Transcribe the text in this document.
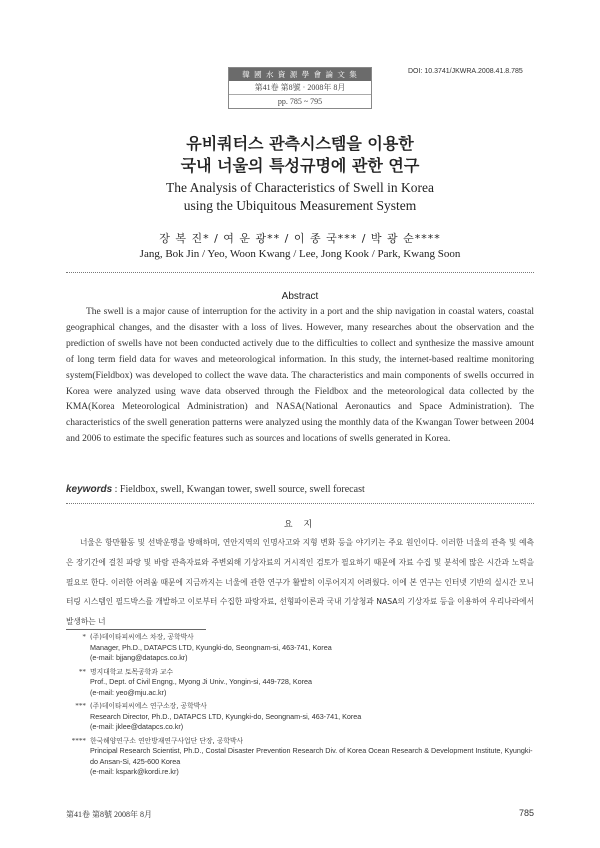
韓 國 水 資 源 學 會 論 文 集
第41卷 第8號 · 2008年 8月
pp. 785 ~ 795
DOI: 10.3741/JKWRA.2008.41.8.785
유비쿼터스 관측시스템을 이용한
국내 너울의 특성규명에 관한 연구
The Analysis of Characteristics of Swell in Korea
using the Ubiquitous Measurement System
장 복 진* / 여 운 광** / 이 종 국*** / 박 광 순****
Jang, Bok Jin / Yeo, Woon Kwang / Lee, Jong Kook / Park, Kwang Soon
Abstract

The swell is a major cause of interruption for the activity in a port and the ship navigation in coastal waters, coastal geographical changes, and the disaster with a loss of lives. However, many researches about the observation and the prediction of swells have not been conducted actively due to the difficulties to collect and synthesize the massive amount of long term field data for waves and meteorological information. In this study, the internet-based realtime monitoring system(Fieldbox) was developed to collect the wave data. The characteristics and main components of swells occurred in Korea were analyzed using wave data observed through the Fieldbox and the meteorological data collected by the KMA(Korea Meteorological Administration) and NASA(National Aeronautics and Space Administration). The characteristics of the swell generation patterns were analyzed using the monthly data of the Kwangan Tower between 2004 and 2006 to estimate the specific features such as sources and locations of swells generated in Korea.

keywords : Fieldbox, swell, Kwangan tower, swell source, swell forecast
요 지

너울은 항만활동 및 선박운행을 방해하며, 연안지역의 인명사고와 지형 변화 등을 야기키는 주요 원인이다. 이러한 너울의 관측 및 예측은 장기간에 걸친 파랑 및 바람 관측자료와 주변외해 기상자료의 거시적인 검토가 필요하기 때문에 자료 수집 및 분석에 많은 시간과 노력을 필요로 한다. 이러한 어려움 때문에 지금까지는 너울에 관한 연구가 활발히 이루어지지 어려웠다. 이에 본 연구는 인터넷 기반의 실시간 모니터링 시스템인 필드박스를 개발하고 이로부터 수집한 파랑자료, 선형파이론과 국내 기상청과 NASA의 기상자료 등을 이용하여 우리나라에서 발생하는 너

* (주)데이타피씨에스 차장, 공학박사
Manager, Ph.D., DATAPCS LTD, Kyungki-do, Seongnam-si, 463-741, Korea
(e-mail: bjjang@datapcs.co.kr)
** 명지대학교 토목공학과 교수
Prof., Dept. of Civil Engng., Myong Ji Univ., Yongin-si, 449-728, Korea
(e-mail: yeo@mju.ac.kr)
*** (주)데이타피씨에스 연구소장, 공학박사
Research Director, Ph.D., DATAPCS LTD, Kyungki-do, Seongnam-si, 463-741, Korea
(e-mail: jklee@datapcs.co.kr)
**** 한국해양연구소 연안방재연구사업단 단장, 공학박사
Principal Research Scientist, Ph.D., Costal Disaster Prevention Research Div. of Korea Ocean Research & Development Institute, Kyungki-do Ansan-Si, 425-600 Korea
(e-mail: kspark@kordi.re.kr)
第41卷 第8號 2008年 8月	785
